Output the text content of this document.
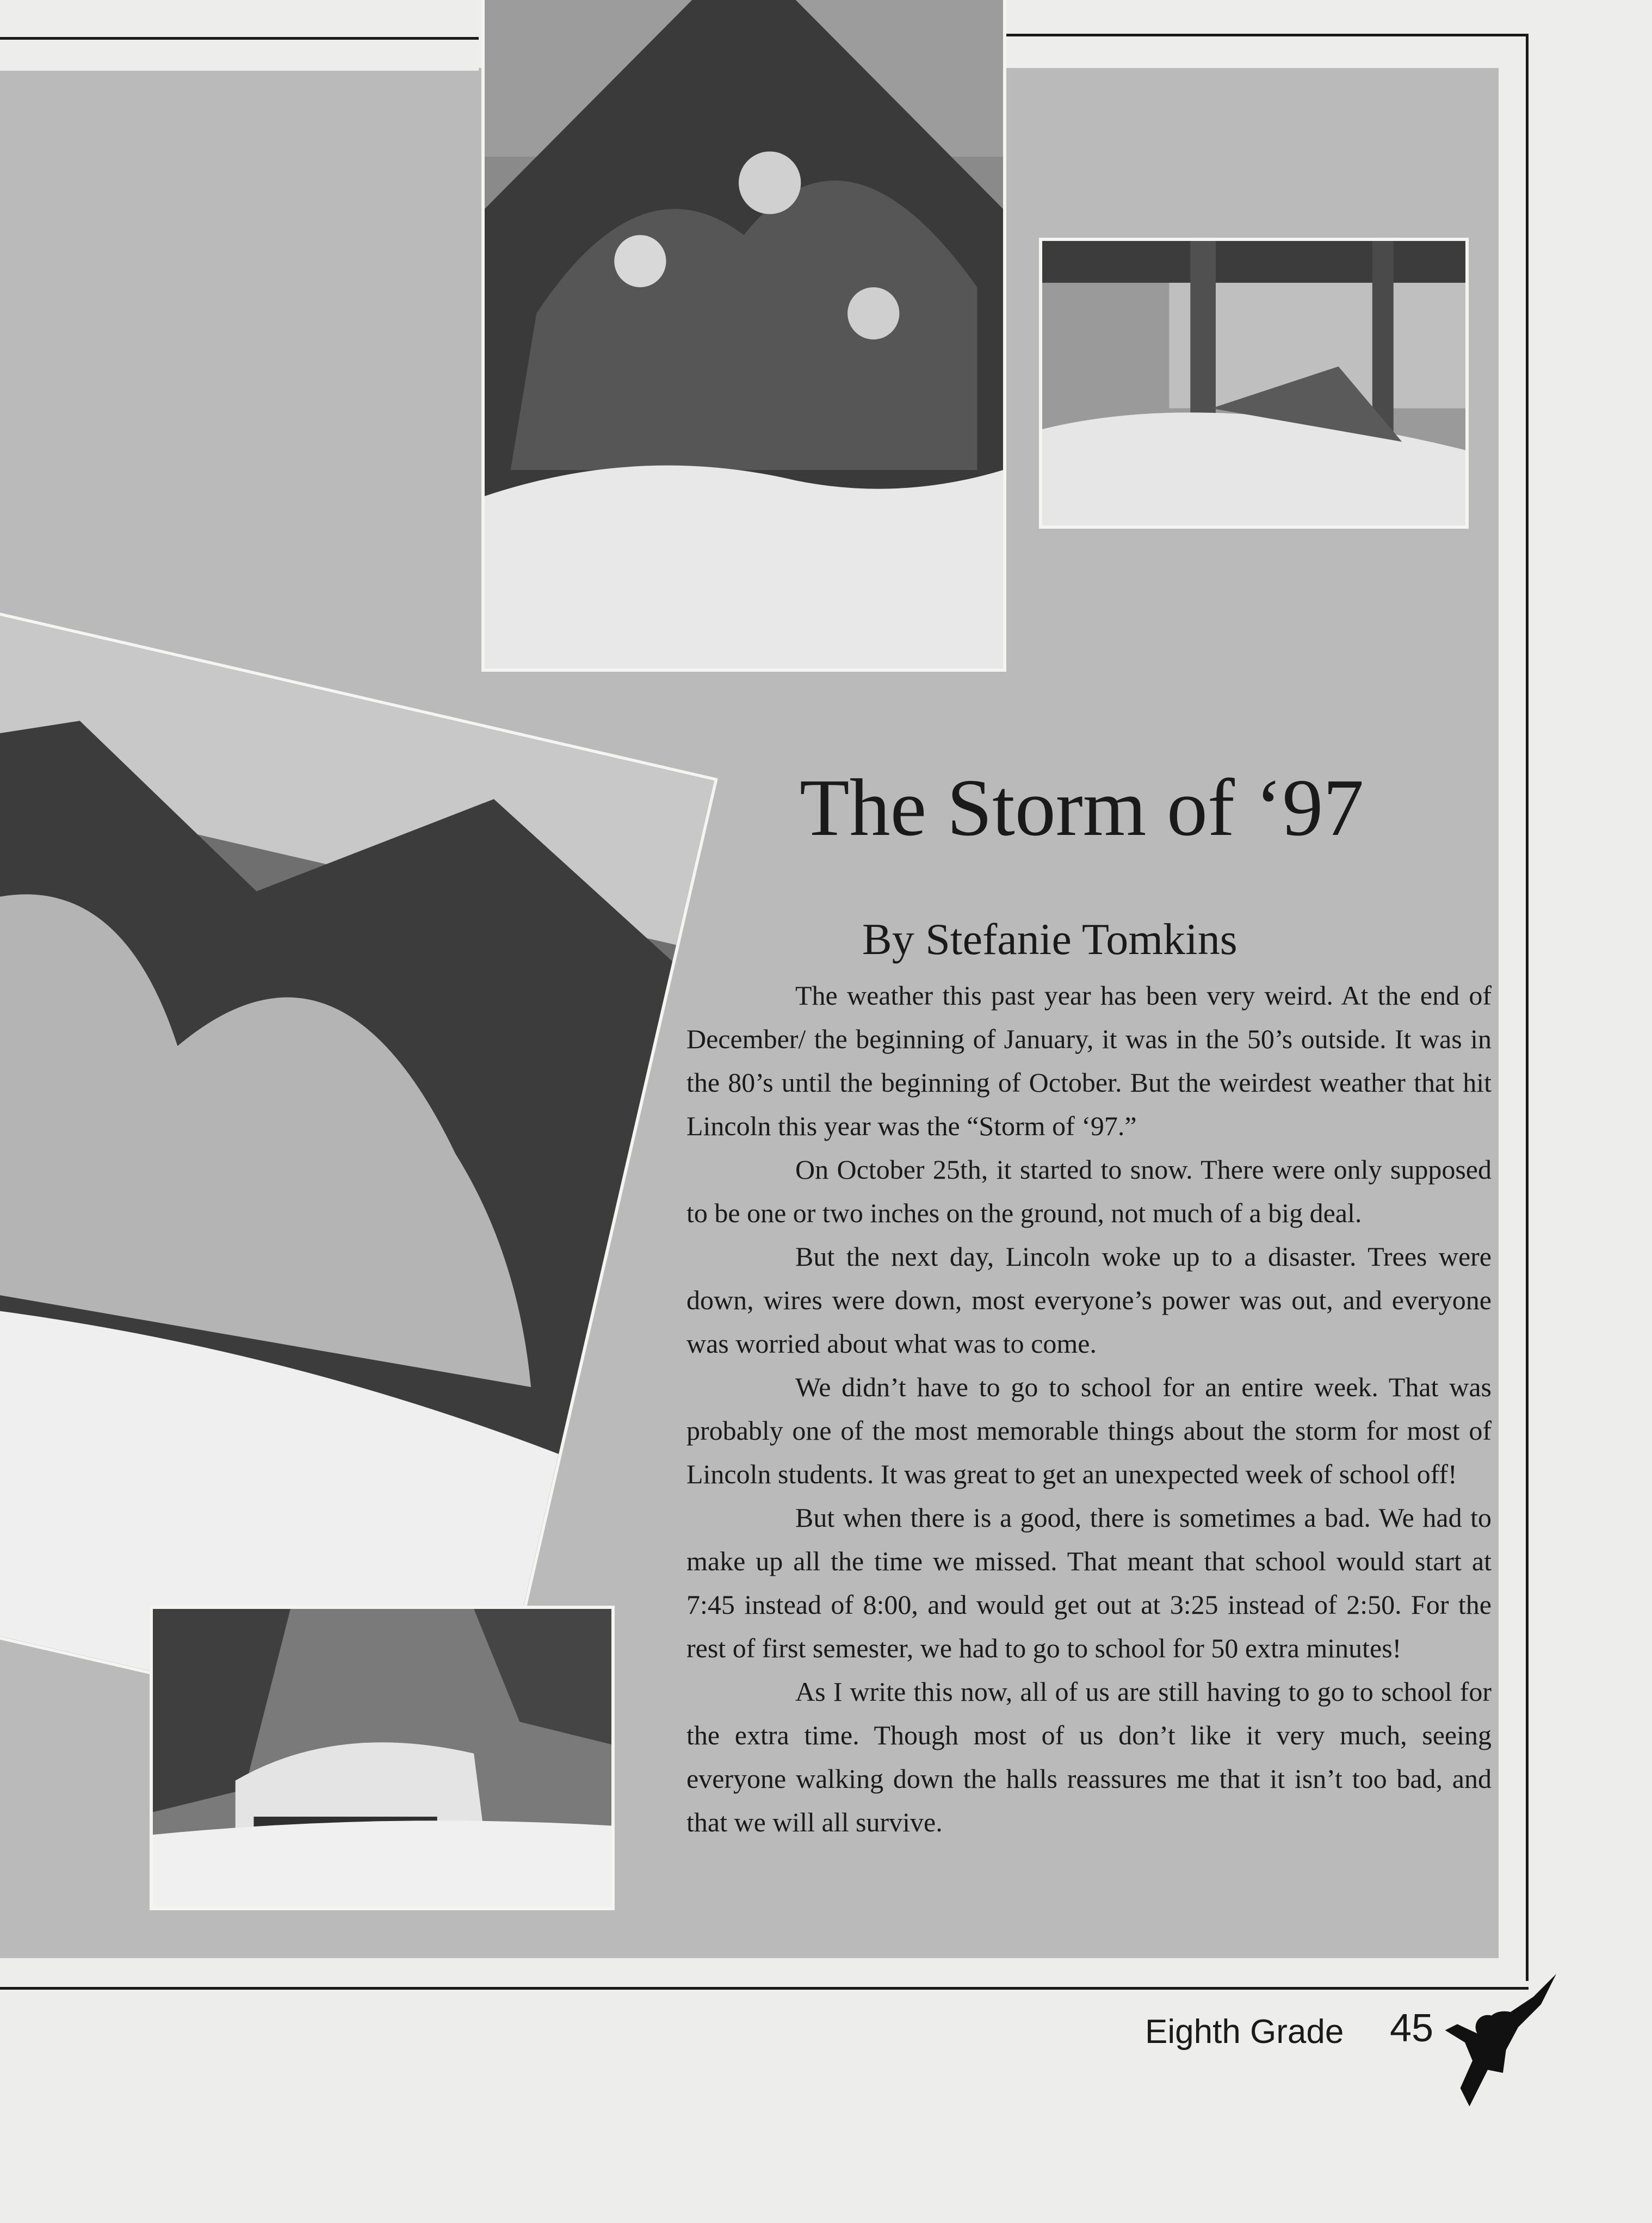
The Storm of ‘97
By Stefanie Tomkins

The weather this past year has been very weird. At the end of December/ the beginning of January, it was in the 50’s outside. It was in the 80’s until the beginning of October. But the weirdest weather that hit Lincoln this year was the “Storm of ‘97.”

On October 25th, it started to snow. There were only supposed to be one or two inches on the ground, not much of a big deal.

But the next day, Lincoln woke up to a disaster. Trees were down, wires were down, most everyone’s power was out, and everyone was worried about what was to come.

We didn’t have to go to school for an entire week. That was probably one of the most memorable things about the storm for most of Lincoln students. It was great to get an unexpected week of school off!

But when there is a good, there is sometimes a bad. We had to make up all the time we missed. That meant that school would start at 7:45 instead of 8:00, and would get out at 3:25 instead of 2:50. For the rest of first semester, we had to go to school for 50 extra minutes!

As I write this now, all of us are still having to go to school for the extra time. Though most of us don’t like it very much, seeing everyone walking down the halls reassures me that it isn’t too bad, and that we will all survive.

Eighth Grade 45
